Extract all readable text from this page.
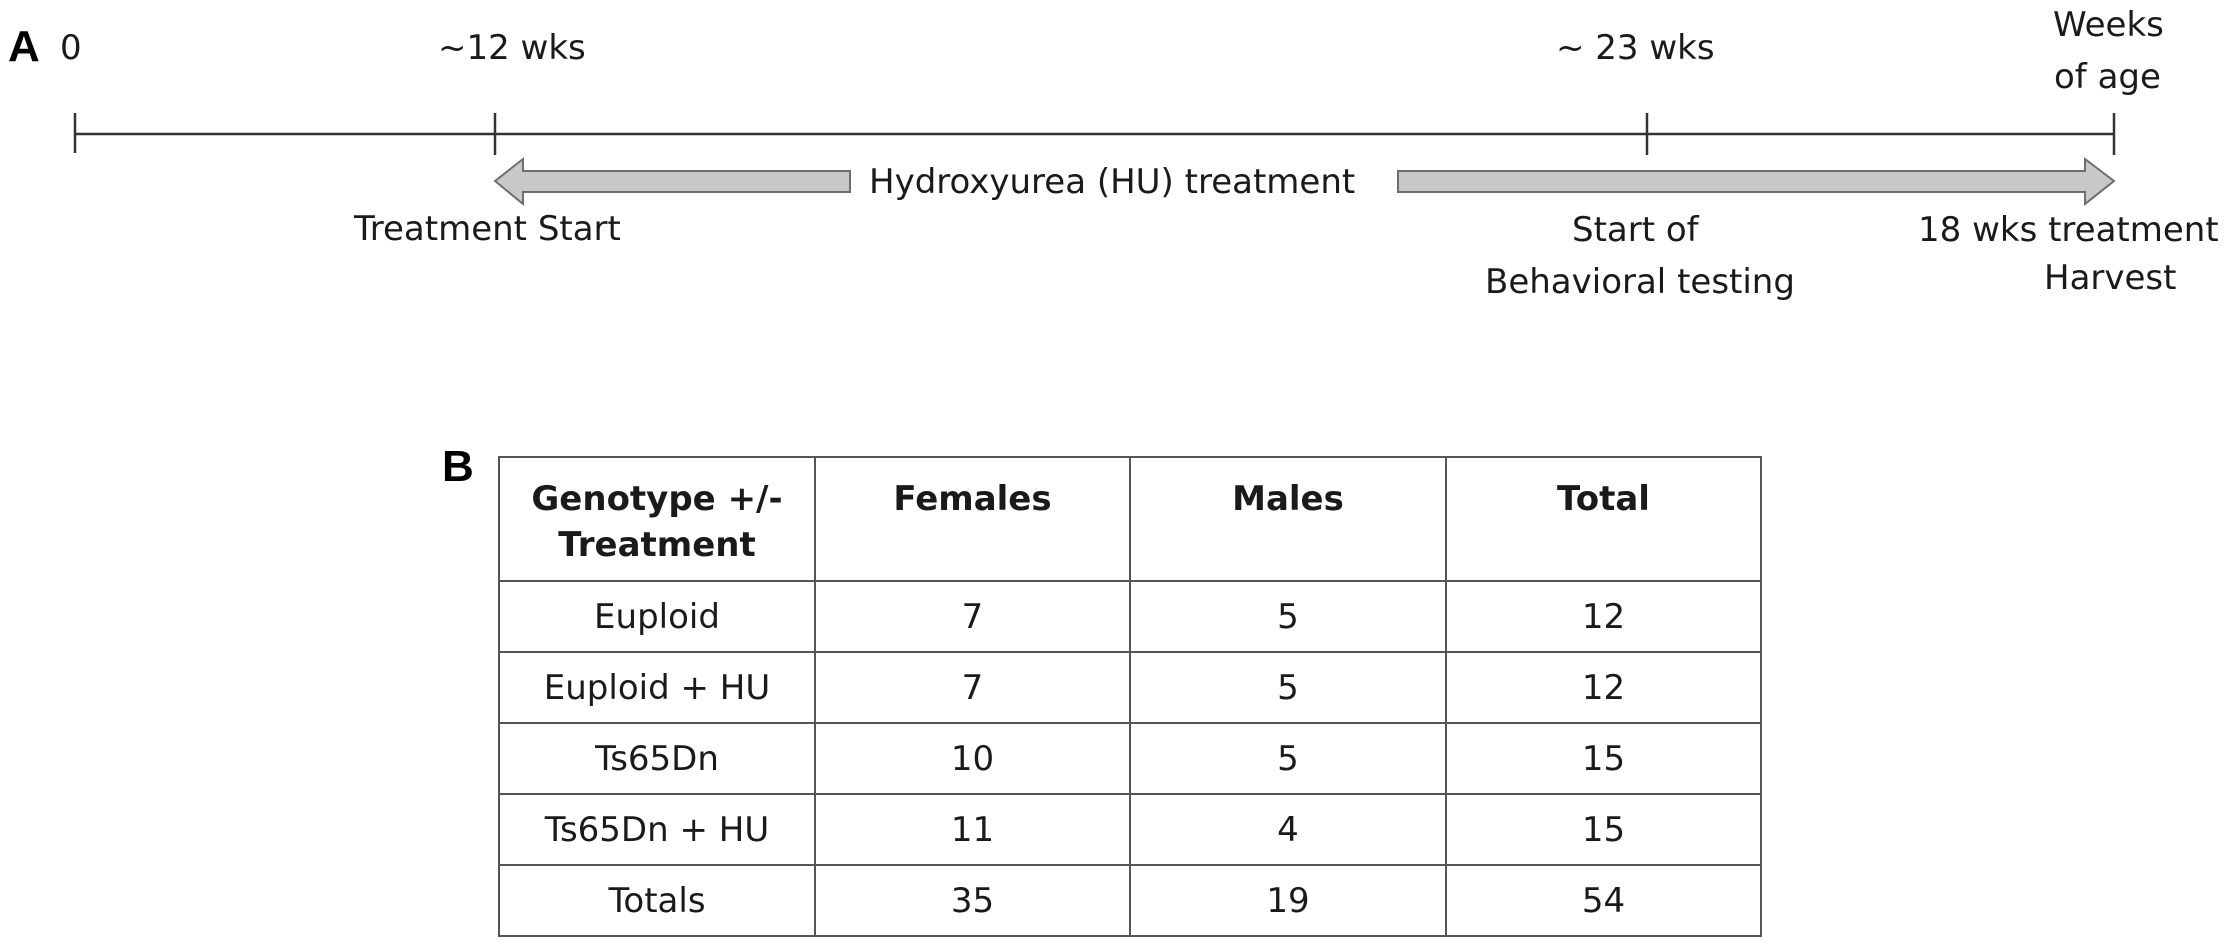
A 0	~12 wks	~ 23 wks
Weeks
of age
Hydroxyurea (HU) treatment
Treatment Start	Start of
Behavioral testing
18 wks treatment
Harvest
B
Genotype +/-
Treatment	Females	Males	Total
Euploid	7	5	12
Euploid + HU	7	5	12
Ts65Dn	10	5	15
Ts65Dn + HU	11	4	15
Totals	35	19	54
